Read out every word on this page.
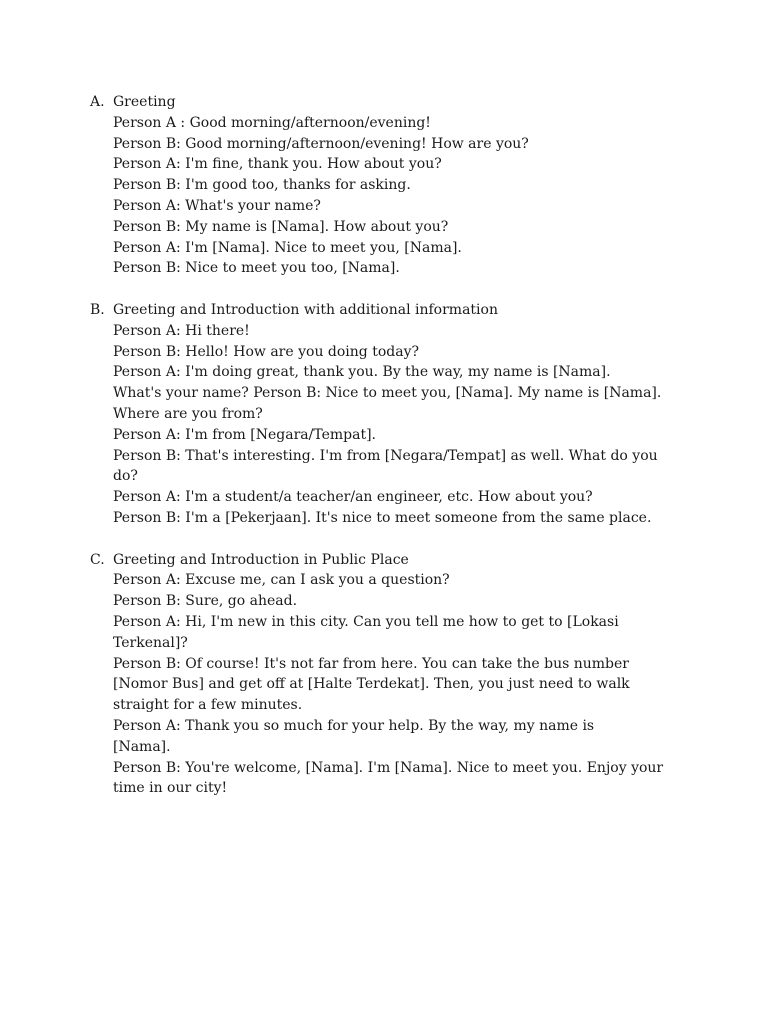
A. Greeting
Person A : Good morning/afternoon/evening!
Person B: Good morning/afternoon/evening! How are you?
Person A: I'm fine, thank you. How about you?
Person B: I'm good too, thanks for asking.
Person A: What's your name?
Person B: My name is [Nama]. How about you?
Person A: I'm [Nama]. Nice to meet you, [Nama].
Person B: Nice to meet you too, [Nama].
B. Greeting and Introduction with additional information
Person A: Hi there!
Person B: Hello! How are you doing today?
Person A: I'm doing great, thank you. By the way, my name is [Nama].
What's your name? Person B: Nice to meet you, [Nama]. My name is [Nama].
Where are you from?
Person A: I'm from [Negara/Tempat].
Person B: That's interesting. I'm from [Negara/Tempat] as well. What do you
do?
Person A: I'm a student/a teacher/an engineer, etc. How about you?
Person B: I'm a [Pekerjaan]. It's nice to meet someone from the same place.
C. Greeting and Introduction in Public Place
Person A: Excuse me, can I ask you a question?
Person B: Sure, go ahead.
Person A: Hi, I'm new in this city. Can you tell me how to get to [Lokasi
Terkenal]?
Person B: Of course! It's not far from here. You can take the bus number
[Nomor Bus] and get off at [Halte Terdekat]. Then, you just need to walk
straight for a few minutes.
Person A: Thank you so much for your help. By the way, my name is
[Nama].
Person B: You're welcome, [Nama]. I'm [Nama]. Nice to meet you. Enjoy your
time in our city!
